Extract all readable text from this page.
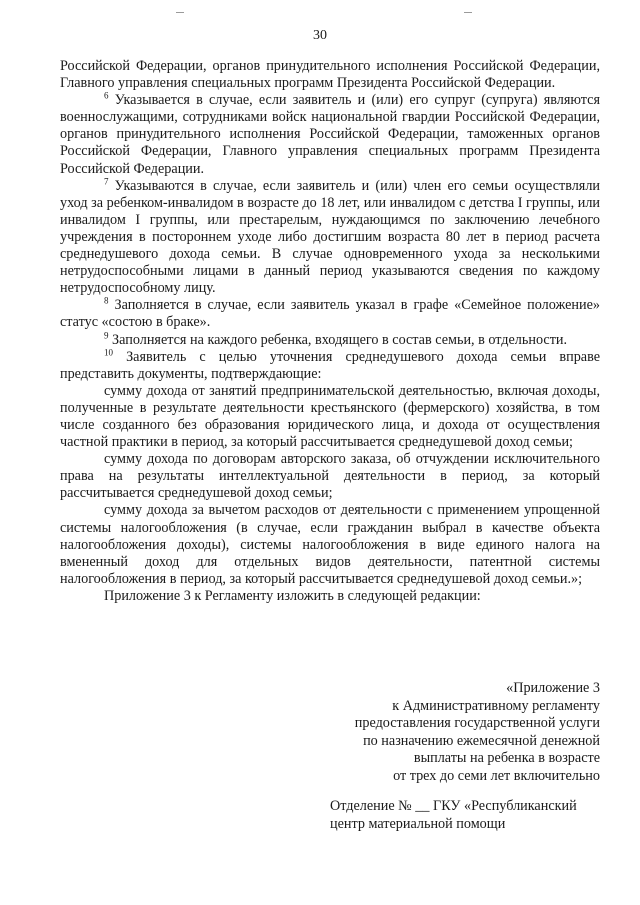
30

Российской Федерации, органов принудительного исполнения Российской Федерации, Главного управления специальных программ Президента Российской Федерации.

$^6$ Указывается в случае, если заявитель и (или) его супруг (супруга) являются военнослужащими, сотрудниками войск национальной гвардии Российской Федерации, органов принудительного исполнения Российской Федерации, таможенных органов Российской Федерации, Главного управления специальных программ Президента Российской Федерации.

$^7$ Указываются в случае, если заявитель и (или) член его семьи осуществляли уход за ребенком-инвалидом в возрасте до 18 лет, или инвалидом с детства I группы, или инвалидом I группы, или престарелым, нуждающимся по заключению лечебного учреждения в постороннем уходе либо достигшим возраста 80 лет в период расчета среднедушевого дохода семьи. В случае одновременного ухода за несколькими нетрудоспособными лицами в данный период указываются сведения по каждому нетрудоспособному лицу.

$^8$ Заполняется в случае, если заявитель указал в графе «Семейное положение» статус «состою в браке».

$^9$ Заполняется на каждого ребенка, входящего в состав семьи, в отдельности.

$^{10}$ Заявитель с целью уточнения среднедушевого дохода семьи вправе представить документы, подтверждающие:

сумму дохода от занятий предпринимательской деятельностью, включая доходы, полученные в результате деятельности крестьянского (фермерского) хозяйства, в том числе созданного без образования юридического лица, и дохода от осуществления частной практики в период, за который рассчитывается среднедушевой доход семьи;

сумму дохода по договорам авторского заказа, об отчуждении исключительного права на результаты интеллектуальной деятельности в период, за который рассчитывается среднедушевой доход семьи;

сумму дохода за вычетом расходов от деятельности с применением упрощенной системы налогообложения (в случае, если гражданин выбрал в качестве объекта налогообложения доходы), системы налогообложения в виде единого налога на вмененный доход для отдельных видов деятельности, патентной системы налогообложения в период, за который рассчитывается среднедушевой доход семьи.»;

Приложение 3 к Регламенту изложить в следующей редакции:

«Приложение 3
к Административному регламенту
предоставления государственной услуги
по назначению ежемесячной денежной
выплаты на ребенка в возрасте
от трех до семи лет включительно
Отделение № __ ГКУ «Республиканский
центр материальной помощи
